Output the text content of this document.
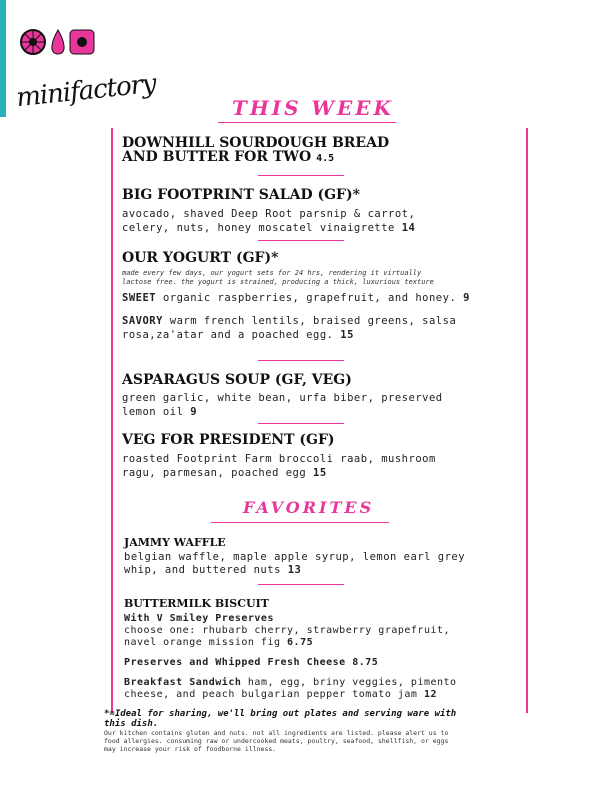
minifactory	THIS WEEK
DOWNHILL SOURDOUGH BREAD
AND BUTTER FOR TWO 4.5
BIG FOOTPRINT SALAD (GF)*
avocado, shaved Deep Root parsnip & carrot,
celery, nuts, honey moscatel vinaigrette 14
OUR YOGURT (GF)*
made every few days, our yogurt sets for 24 hrs, rendering it virtually
lactose free. the yogurt is strained, producing a thick, luxurious texture
SWEET organic raspberries, grapefruit, and honey. 9
SAVORY warm french lentils, braised greens, salsa
rosa,za'atar and a poached egg. 15
ASPARAGUS SOUP (GF, VEG)
green garlic, white bean, urfa biber, preserved
lemon oil 9
VEG FOR PRESIDENT (GF)
roasted Footprint Farm broccoli raab, mushroom
ragu, parmesan, poached egg 15
FAVORITES
JAMMY WAFFLE
belgian waffle, maple apple syrup, lemon earl grey
whip, and buttered nuts 13
BUTTERMILK BISCUIT
With V Smiley Preserves
choose one: rhubarb cherry, strawberry grapefruit,
navel orange mission fig 6.75
Preserves and Whipped Fresh Cheese 8.75
Breakfast Sandwich ham, egg, briny veggies, pimento
cheese, and peach bulgarian pepper tomato jam 12
*=Ideal for sharing, we'll bring out plates and serving ware with
this dish.
Our kitchen contains gluten and nuts. not all ingredients are listed. please alert us to
food allergies. consuming raw or undercooked meats, poultry, seafood, shellfish, or eggs
may increase your risk of foodborne illness.
